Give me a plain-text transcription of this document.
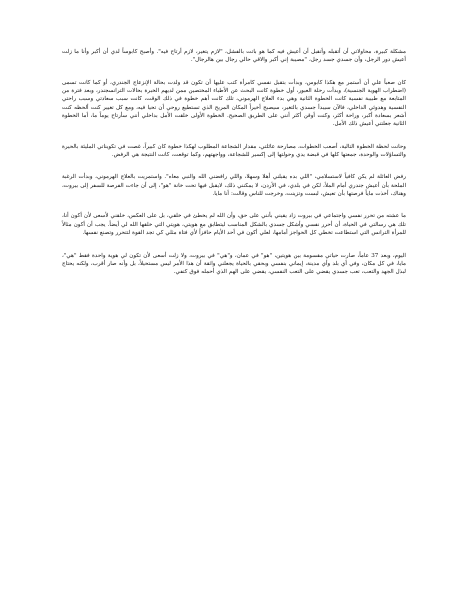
مشكلة كبيرة، محاولاتي أن أتقبله وأتقبل أن أعيش فيه كما هو باتت بالفشل، "لازم يتغير، لازم أرتاح فيه". وأصبح كابوساً لدي أن أكبر وأنا ما زلت أعيش دور الرجل، وأن جسدي جسد رجل، "مصيبة إني أكبر والاقي حالي رجال بين هالرجال".

كان صعباً علي أن أستمر مع هكذا كابوس، وبدأت بتقبل نفسي كامرأة كتب عليها أن تكون قد ولدت بحالة الإنزعاج الجندري، أو كما كانت تسمى (اضطراب الهوية الجنسية)، وبدأت رحلة العبور، أول خطوة كانت البحث عن الأطباء المختصين ممن لديهم الخبرة بحالات الترانسجندر، وبعد فترة من المتابعة مع طبيبة نفسية كانت الخطوة الثانية وهي بدء العلاج الهرموني، تلك كانت أهم خطوة في ذلك الوقت، كانت سبب سعادتي وسبب راحتي النفسية وهدوئي الداخلي، فالآن سيبدأ جسدي بالتغير، سيصبح أخيراً المكان المريح الذي تستطيع روحي أن تحيا فيه، ومع كل تغيير كنت ألحظه كنت أشعر بسعادة أكبر، وراحة أكثر، وكنت أوقن أكثر أنني على الطريق الصحيح. الخطوة الأولى خلقت الأمل بداخلي أنني سأرتاح يوماً ما، أما الخطوة الثانية جعلتني أعيش ذلك الأمل.

وحانت لحظة الخطوة التالية، أصعب الخطوات، مصارحة عائلتي، مقدار الشجاعة المطلوب لهكذا خطوة كان كبيراً، غصت في تكويناتي المليئة بالحيرة والتساؤلات والوحدة، جمعتها كلها في قبضة يدي وحولتها إلى إكسير للشجاعة، وواجهتهم، وكما توقعت، كانت النتيجة هي الرفض.

رفض العائلة لم يكن كافياً لاستسلامي، "اللي بده يقبلني أهلا وسهلا، واللي رافضني الله والنبي معاه". واستمريت بالعلاج الهرموني، وبدأت الرغبة الملحة بأن أعيش جندري أمام الملأ، لكن في بلدي، في الأردن، لا يمكنني ذلك، لايقبل فيها تحت خانة "هو"، إلى أن جاءت الفرصة للسفر إلى بيروت، وهناك، أخذت ماياً فرصتها بأن تعيش، لبست وتزينت، وخرجت للناس وقالت: أنا مايا.

ما عشته من تحرر نفسي واجتماعي في بيروت زاد يقيني بأنني على حق، وأن الله لم يخطئ في خلقي، بل على العكس، خلقني لأسعى لأن أكون أنا، تلك هي رسالتي في الحياة، أن أحرر نفسي وأشكل جسدي بالشكل المناسب ليتطابق مع هويتي، هويتي التي خلقها الله لي أيضاً. يجب أن أكون مثالاً للمرأة الترانس التي استطاعت تخطي كل الحواجز أمامها، لعلي أكون في أحد الأيام حافزاً لأي فتاة مثلي كي تجد القوة لتتحرر وتصنع نفسها.

اليوم، وبعد 37 عاماً، صارت حياتي مقسومة بين هويتين، "هو" في عمان، و"هي" في بيروت، ولا زلت أسعى لأن تكون لي هوية واحدة فقط "هي"، مايا، في كل مكان، وفي أي بلد وأي مدينة، إيماني بنفسي وبحقي بالحياة يجعلني واثقة أن هذا الأمر ليس مستحيلاً، بل وأنه صار أقرب، ولكنه يحتاج لبذل الجهد والتعب، تعب جسدي يقضي على التعب النفسي، يقضي على الهم الذي أحمله فوق كتفي.
